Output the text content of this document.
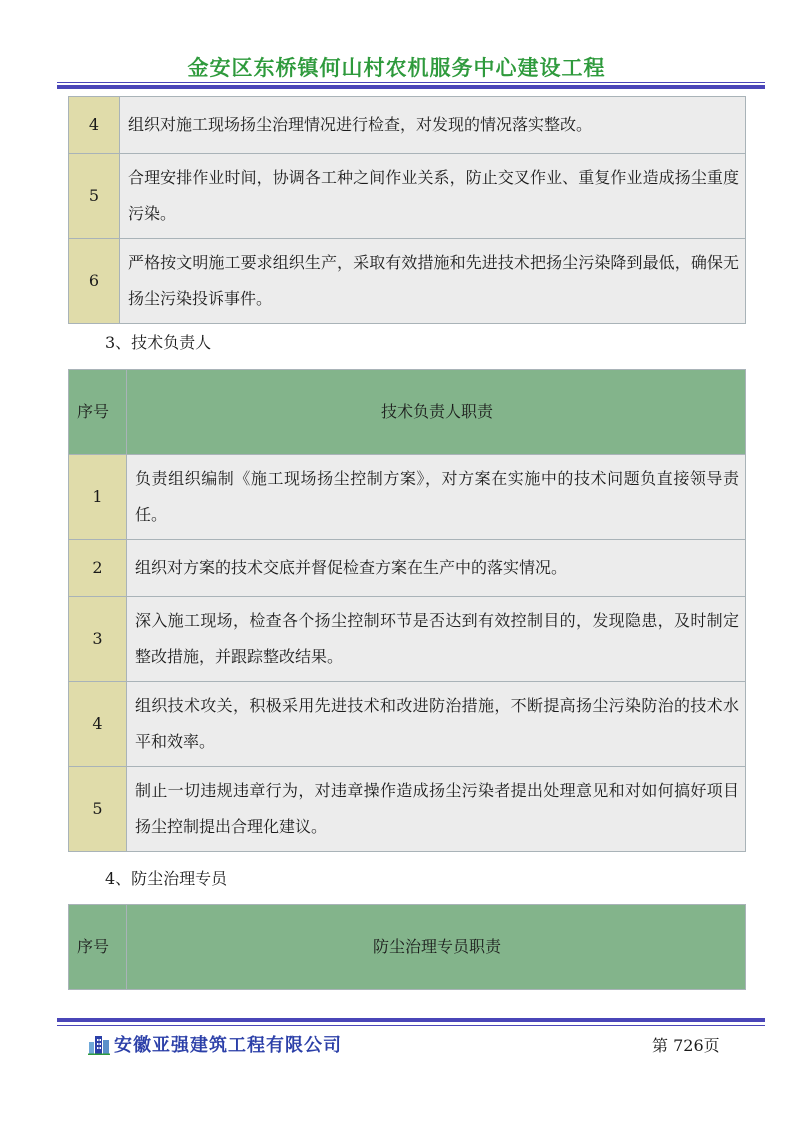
金安区东桥镇何山村农机服务中心建设工程
4	组织对施工现场扬尘治理情况进行检查，对发现的情况落实整改。
5	合理安排作业时间，协调各工种之间作业关系，防止交叉作业、重复作业造成扬尘重度污染。
6	严格按文明施工要求组织生产，采取有效措施和先进技术把扬尘污染降到最低，确保无扬尘污染投诉事件。
3、技术负责人
序号	技术负责人职责
1	负责组织编制《施工现场扬尘控制方案》，对方案在实施中的技术问题负直接领导责任。
2	组织对方案的技术交底并督促检查方案在生产中的落实情况。
3	深入施工现场，检查各个扬尘控制环节是否达到有效控制目的，发现隐患，及时制定整改措施，并跟踪整改结果。
4	组织技术攻关，积极采用先进技术和改进防治措施，不断提高扬尘污染防治的技术水平和效率。
5	制止一切违规违章行为，对违章操作造成扬尘污染者提出处理意见和对如何搞好项目扬尘控制提出合理化建议。
4、防尘治理专员
序号	防尘治理专员职责
安徽亚强建筑工程有限公司	第 726页
